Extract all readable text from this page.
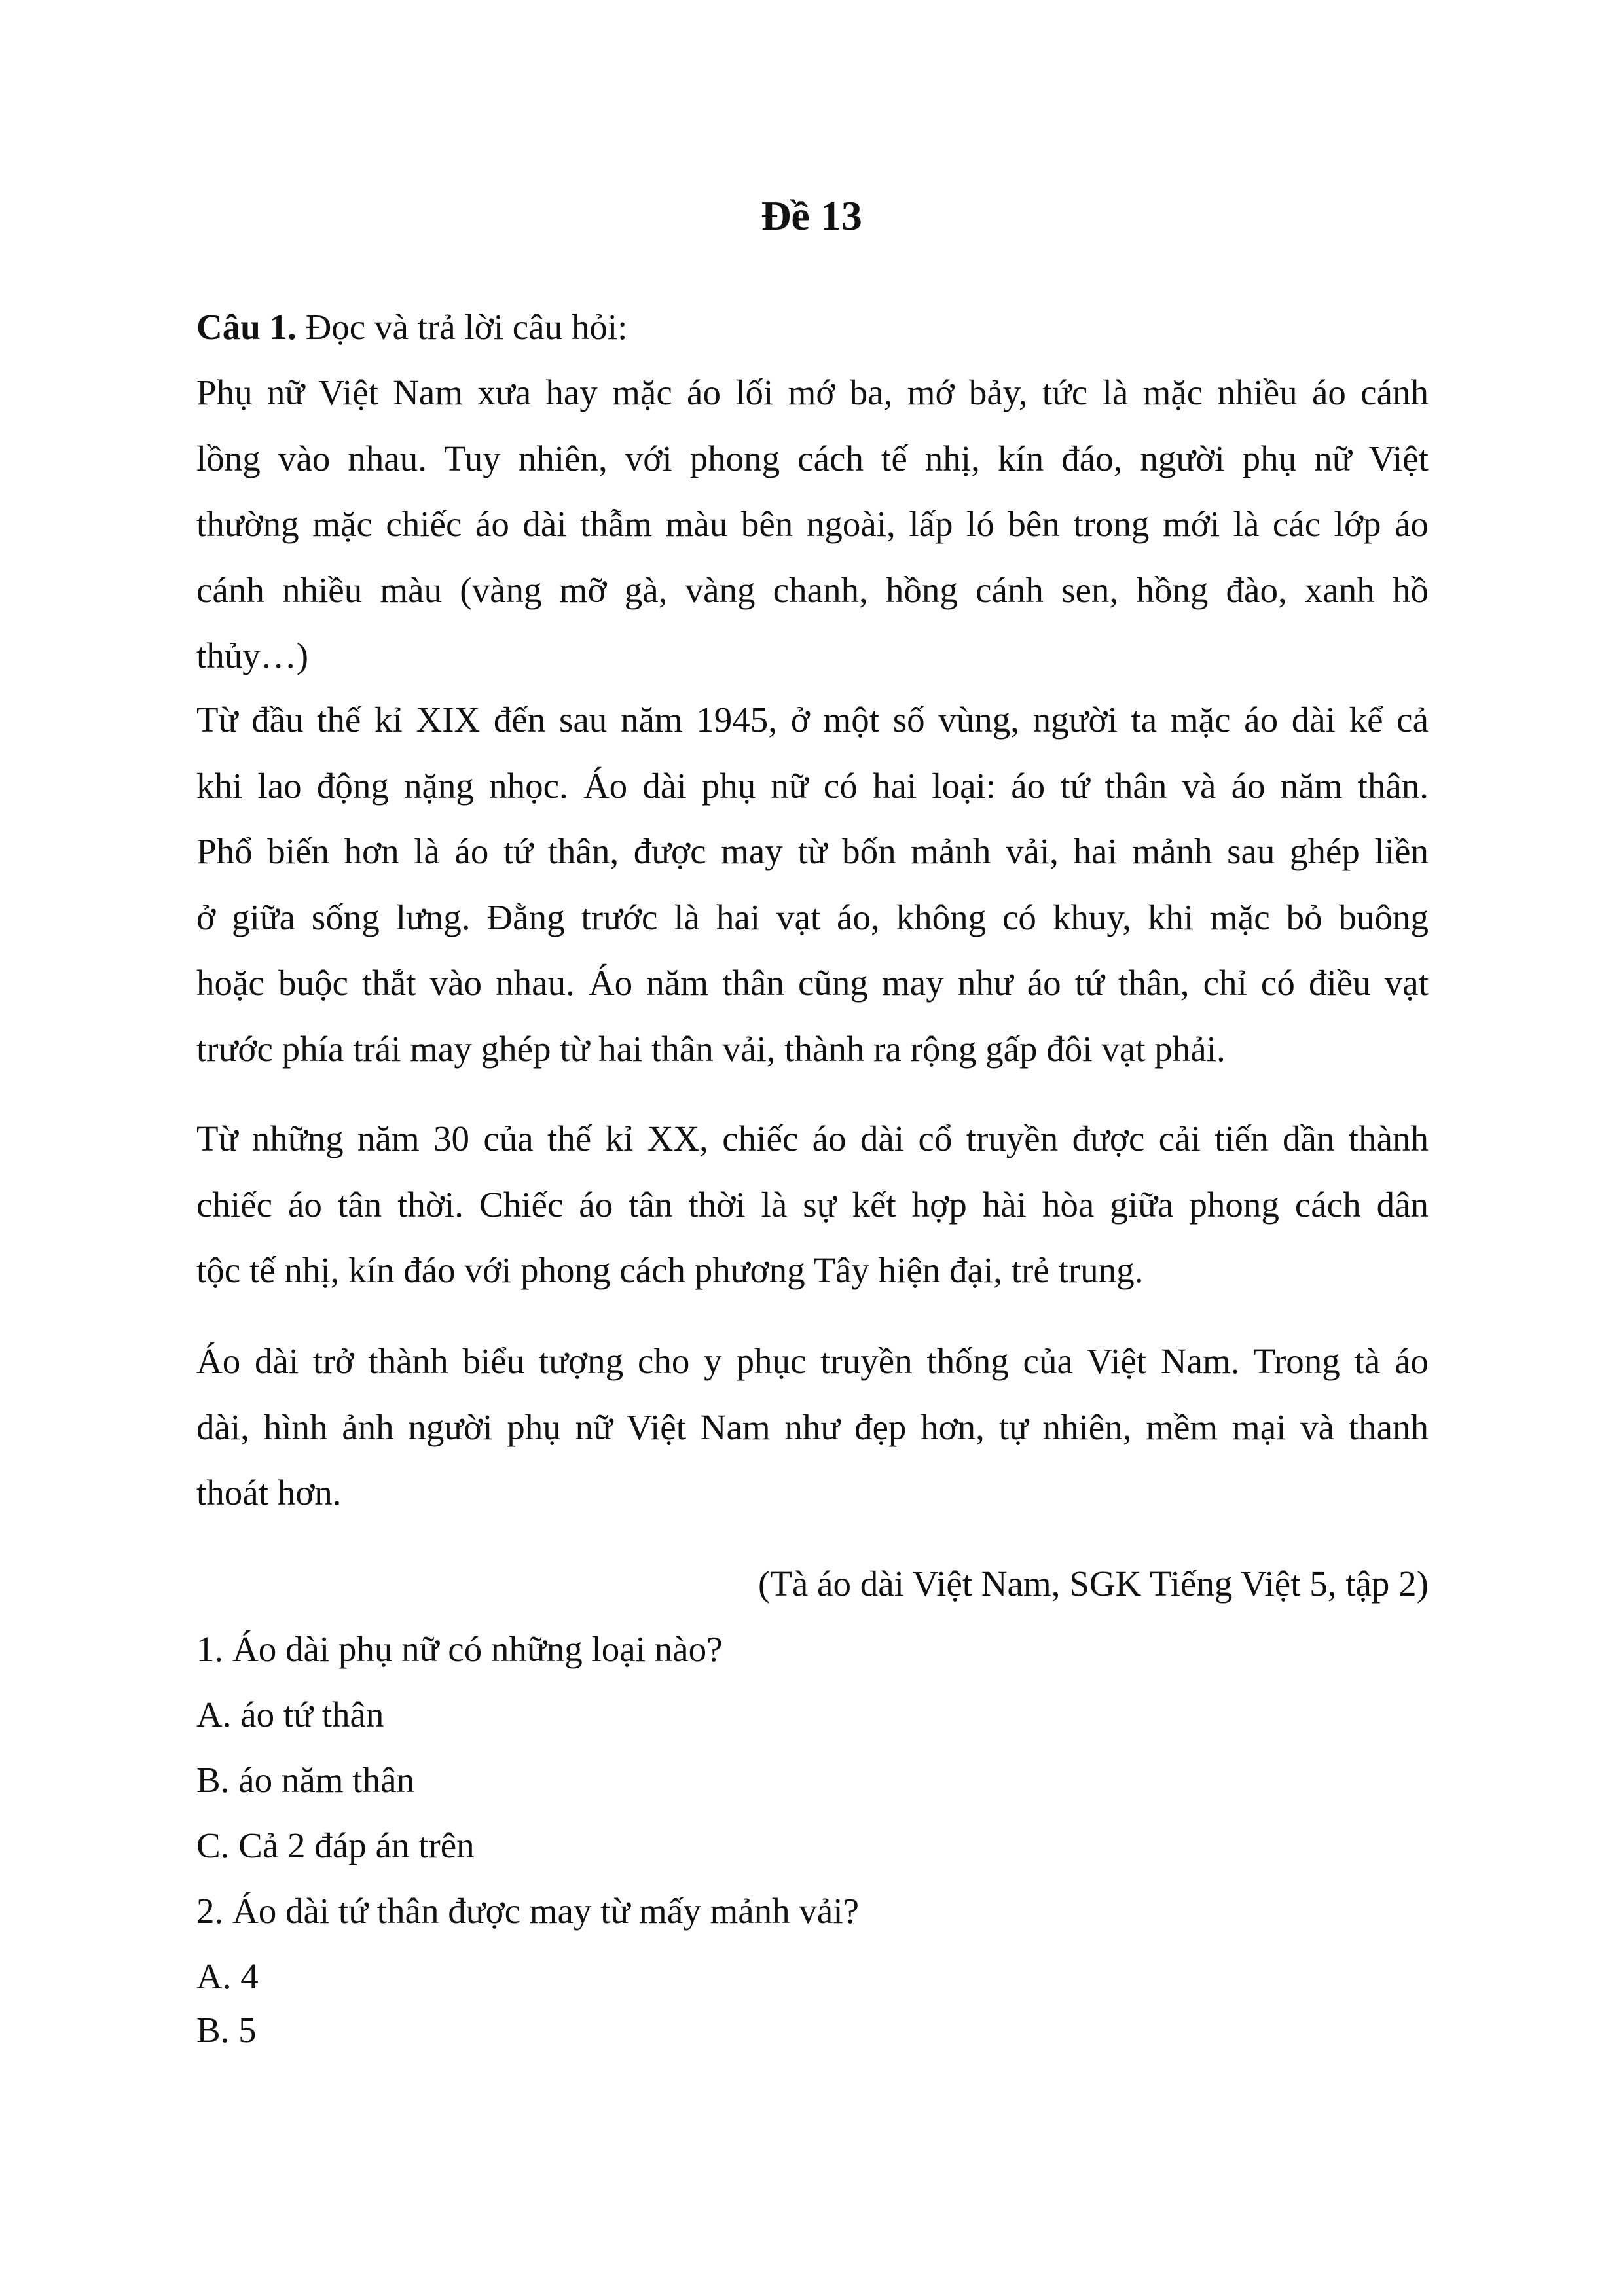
Đề 13

Câu 1. Đọc và trả lời câu hỏi:

Phụ nữ Việt Nam xưa hay mặc áo lối mớ ba, mớ bảy, tức là mặc nhiều áo cánh
lồng vào nhau. Tuy nhiên, với phong cách tế nhị, kín đáo, người phụ nữ Việt
thường mặc chiếc áo dài thẫm màu bên ngoài, lấp ló bên trong mới là các lớp áo
cánh nhiều màu (vàng mỡ gà, vàng chanh, hồng cánh sen, hồng đào, xanh hồ
thủy…)
Từ đầu thế kỉ XIX đến sau năm 1945, ở một số vùng, người ta mặc áo dài kể cả
khi lao động nặng nhọc. Áo dài phụ nữ có hai loại: áo tứ thân và áo năm thân.
Phổ biến hơn là áo tứ thân, được may từ bốn mảnh vải, hai mảnh sau ghép liền
ở giữa sống lưng. Đằng trước là hai vạt áo, không có khuy, khi mặc bỏ buông
hoặc buộc thắt vào nhau. Áo năm thân cũng may như áo tứ thân, chỉ có điều vạt
trước phía trái may ghép từ hai thân vải, thành ra rộng gấp đôi vạt phải.
Từ những năm 30 của thế kỉ XX, chiếc áo dài cổ truyền được cải tiến dần thành
chiếc áo tân thời. Chiếc áo tân thời là sự kết hợp hài hòa giữa phong cách dân
tộc tế nhị, kín đáo với phong cách phương Tây hiện đại, trẻ trung.
Áo dài trở thành biểu tượng cho y phục truyền thống của Việt Nam. Trong tà áo
dài, hình ảnh người phụ nữ Việt Nam như đẹp hơn, tự nhiên, mềm mại và thanh
thoát hơn.
(Tà áo dài Việt Nam, SGK Tiếng Việt 5, tập 2)
1. Áo dài phụ nữ có những loại nào?
A. áo tứ thân
B. áo năm thân
C. Cả 2 đáp án trên
2. Áo dài tứ thân được may từ mấy mảnh vải?
A. 4
B. 5
